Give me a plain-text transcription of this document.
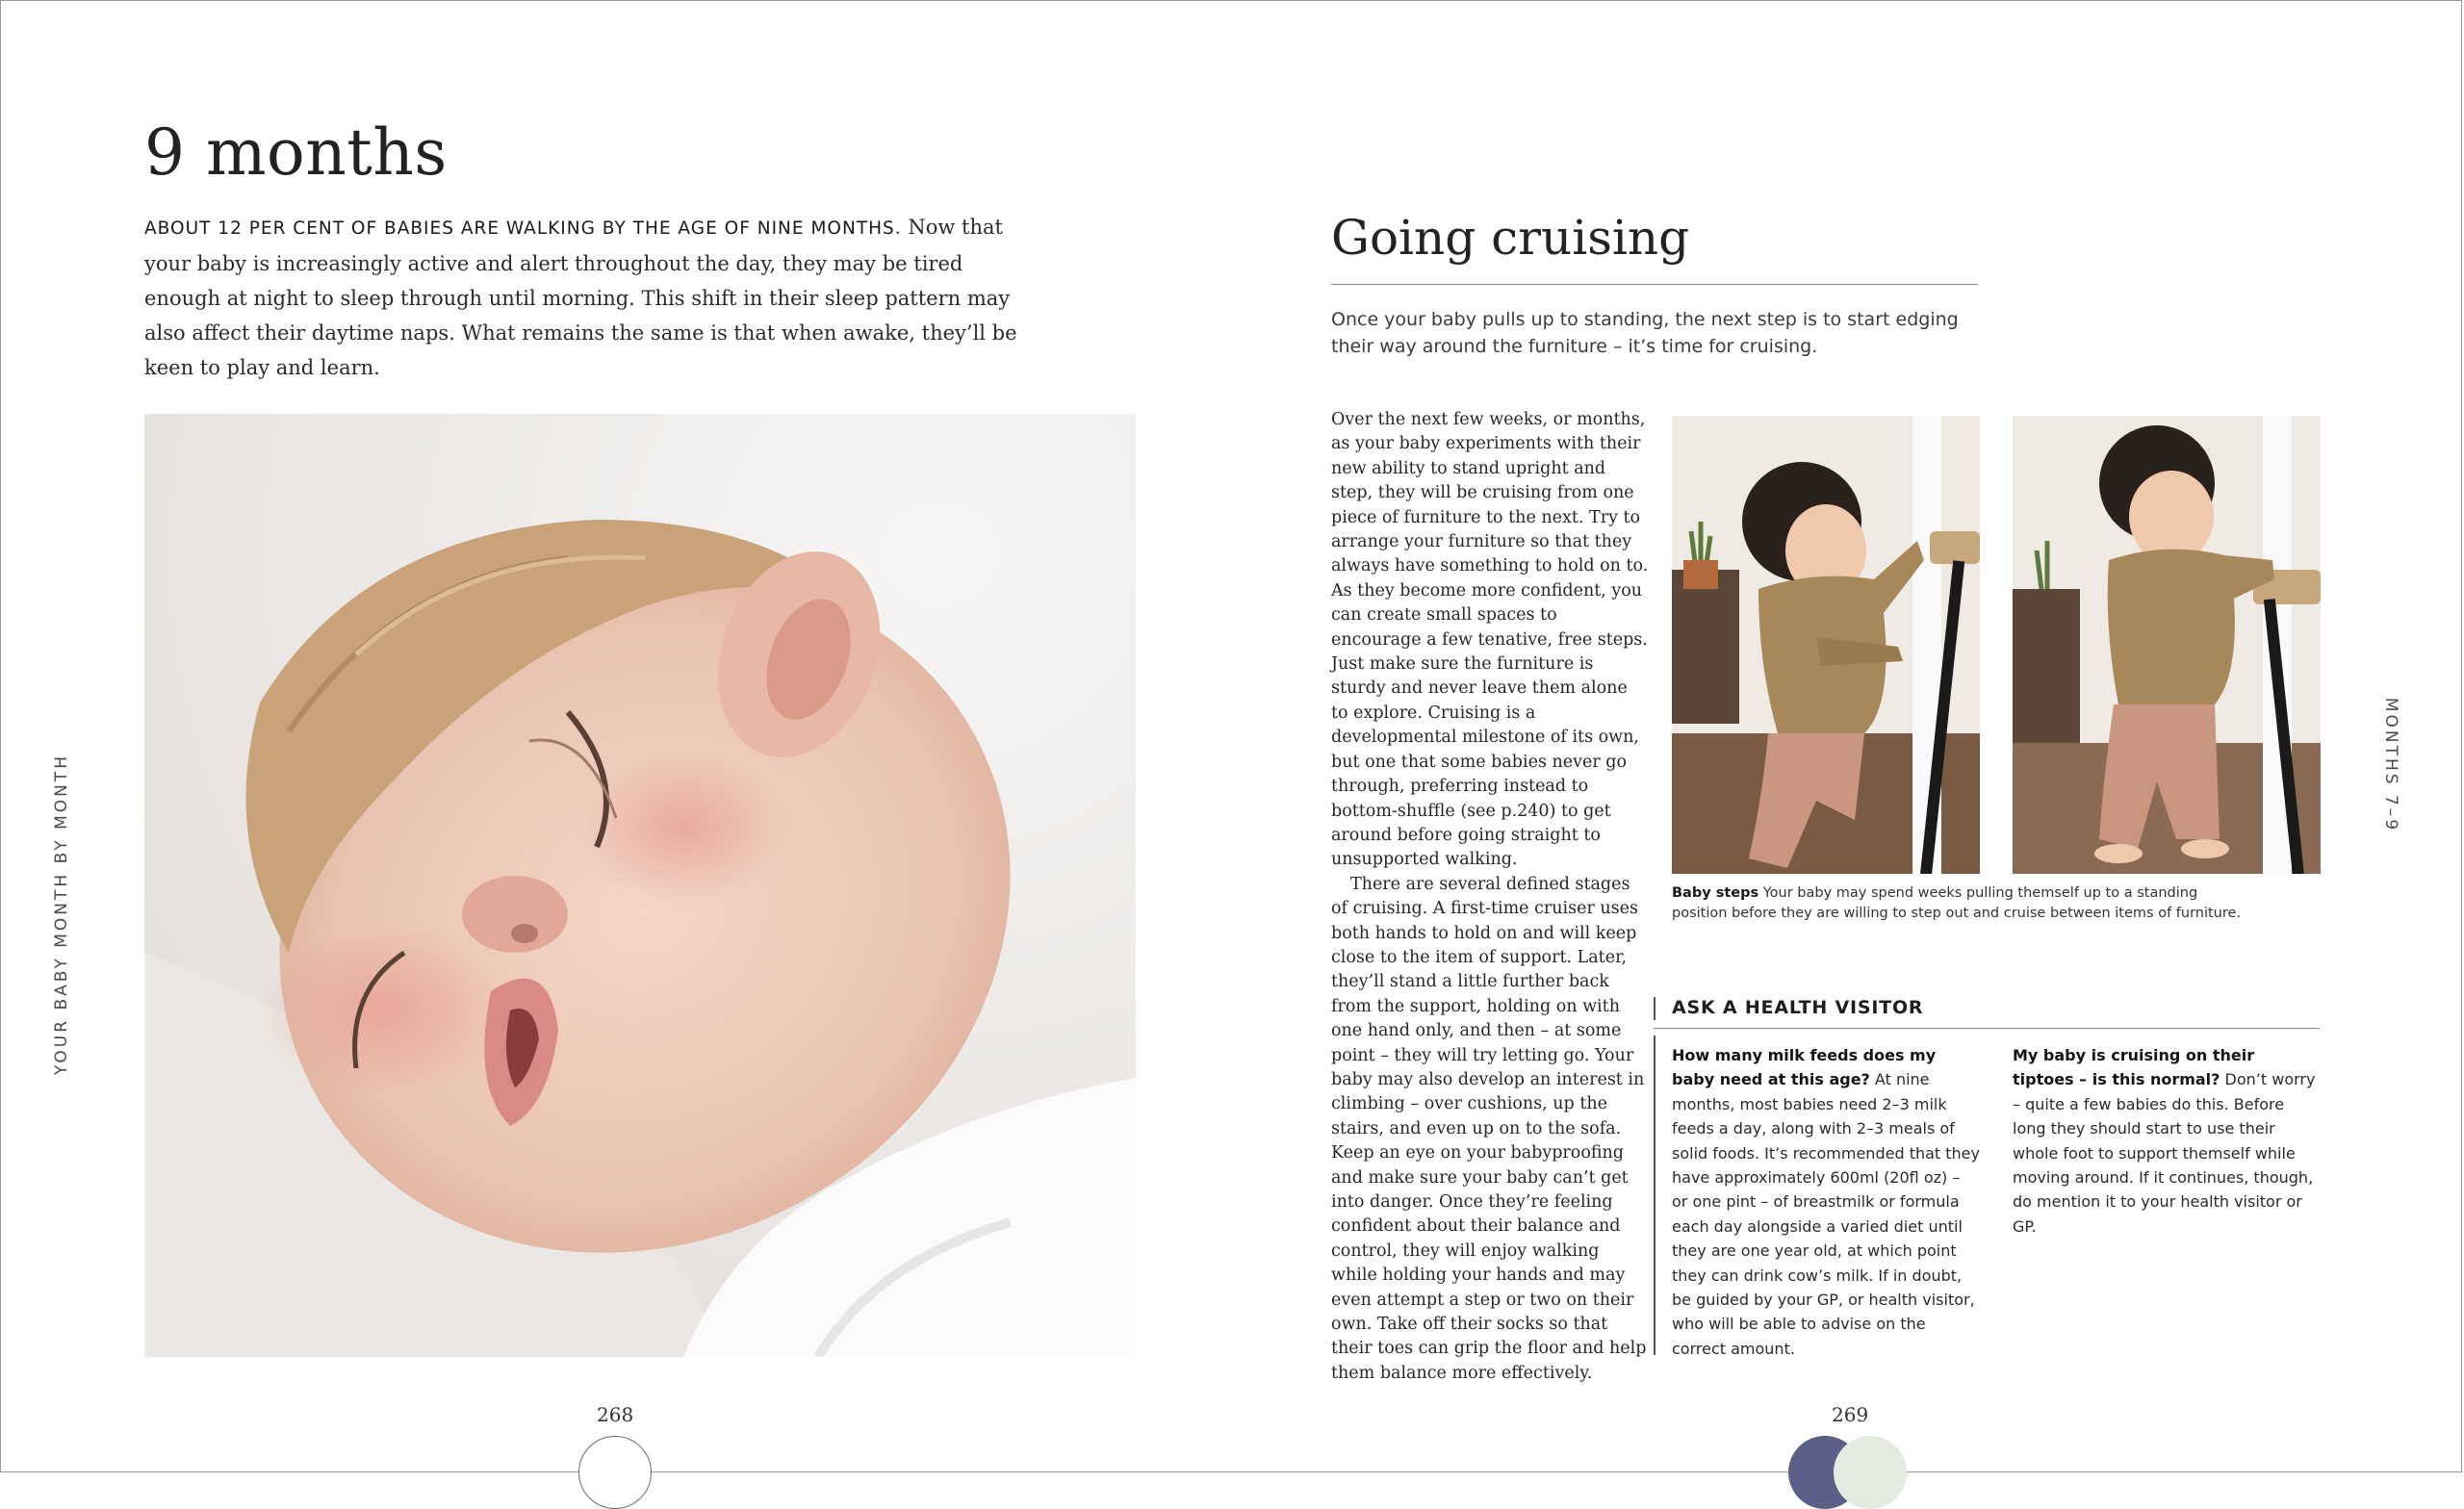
9 months

ABOUT 12 PER CENT OF BABIES ARE WALKING BY THE AGE OF NINE MONTHS. Now that your baby is increasingly active and alert throughout the day, they may be tired enough at night to sleep through until morning. This shift in their sleep pattern may also affect their daytime naps. What remains the same is that when awake, they’ll be keen to play and learn.

YOUR BABY MONTH BY MONTH
268
Going cruising

Once your baby pulls up to standing, the next step is to start edging their way around the furniture – it’s time for cruising.

Over the next few weeks, or months, as your baby experiments with their new ability to stand upright and step, they will be cruising from one piece of furniture to the next. Try to arrange your furniture so that they always have something to hold on to. As they become more confident, you can create small spaces to encourage a few tenative, free steps. Just make sure the furniture is sturdy and never leave them alone to explore. Cruising is a developmental milestone of its own, but one that some babies never go through, preferring instead to bottom-shuffle (see p.240) to get around before going straight to unsupported walking.

There are several defined stages of cruising. A first-time cruiser uses both hands to hold on and will keep close to the item of support. Later, they’ll stand a little further back from the support, holding on with one hand only, and then – at some point – they will try letting go. Your baby may also develop an interest in climbing – over cushions, up the stairs, and even up on to the sofa. Keep an eye on your babyproofing and make sure your baby can’t get into danger. Once they’re feeling confident about their balance and control, they will enjoy walking while holding your hands and may even attempt a step or two on their own. Take off their socks so that their toes can grip the floor and help them balance more effectively.

Baby steps Your baby may spend weeks pulling themself up to a standing position before they are willing to step out and cruise between items of furniture.

ASK A HEALTH VISITOR

How many milk feeds does my baby need at this age? At nine months, most babies need 2–3 milk feeds a day, along with 2–3 meals of solid foods. It’s recommended that they have approximately 600ml (20fl oz) – or one pint – of breastmilk or formula each day alongside a varied diet until they are one year old, at which point they can drink cow’s milk. If in doubt, be guided by your GP, or health visitor, who will be able to advise on the correct amount.

My baby is cruising on their tiptoes – is this normal? Don’t worry – quite a few babies do this. Before long they should start to use their whole foot to support themself while moving around. If it continues, though, do mention it to your health visitor or GP.

MONTHS 7–9
269
